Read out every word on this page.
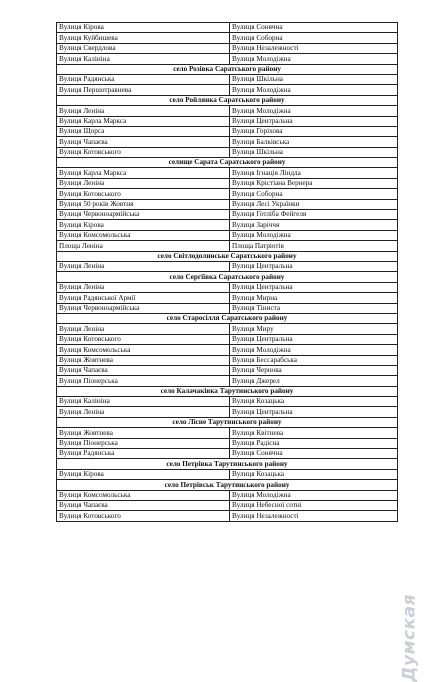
Вулиця Кірова	Вулиця Сонячна
Вулиця Куйбишева	Вулиця Соборна
Вулиця Свердлова	Вулиця Незалежності
Вулиця Калініна	Вулиця Молодіжна
село Розівка Саратського району	
Вулиця Радянська	Вулиця Шкільна
Вулиця Першотравнева	Вулиця Молодіжна
село Ройлянка Саратського району	
Вулиця Леніна	Вулиця Молодіжна
Вулиця Карла Маркса	Вулиця Центральна
Вулиця Щорса	Вулиця Горіхова
Вулиця Чапаєва	Вулиця Балківська
Вулиця Котовського	Вулиця Шкільна
селище Сарата Саратського району	
Вулиця Карла Маркса	Вулиця Ігнація Ліндла
Вулиця Леніна	Вулиця Крістіана Вернера
Вулиця Котовського	Вулиця Соборна
Вулиця 50 років Жовтня	Вулиця Лесі Українки
Вулиця Червоноармійська	Вулиця Готліба Фейгеля
Вулиця Кірова	Вулиця Заріччя
Вулиця Комсомольська	Вулиця Молодіжна
Площа Леніна	Площа Патріотів
село Світлодолинське Саратського району	
Вулиця Леніна	Вулиця Центральна
село Сергіївка Саратського району	
Вулиця Леніна	Вулиця Центральна
Вулиця Радянської Армії	Вулиця Мирна
Вулиця Червоноармійська	Вулиця Тіниста
село Старосілля Саратського району	
Вулиця Леніна	Вулиця Миру
Вулиця Котовського	Вулиця Центральна
Вулиця Комсомольська	Вулиця Молодіжна
Вулиця Жовтнева	Вулиця Бессарабська
Вулиця Чапаєва	Вулиця Чернова
Вулиця Піонерська	Вулиця Джерел
село Калачаківка Тарутинського району	
Вулиця Калініна	Вулиця Козацька
Вулиця Леніна	Вулиця Центральна
село Лісне Тарутинського району	
Вулиця Жовтнева	Вулиця Квітнева
Вулиця Піонерська	Вулиця Радісна
Вулиця Радянська	Вулиця Сонячна
село Петрівка Тарутинського району	
Вулиця Кірова	Вулиця Козацька
село Петрівськ Тарутинського району	
Вулиця Комсомольська	Вулиця Молодіжна
Вулиця Чапаєва	Вулиця Небесної сотні
Вулиця Котовського	Вулиця Незалежності
Думская
